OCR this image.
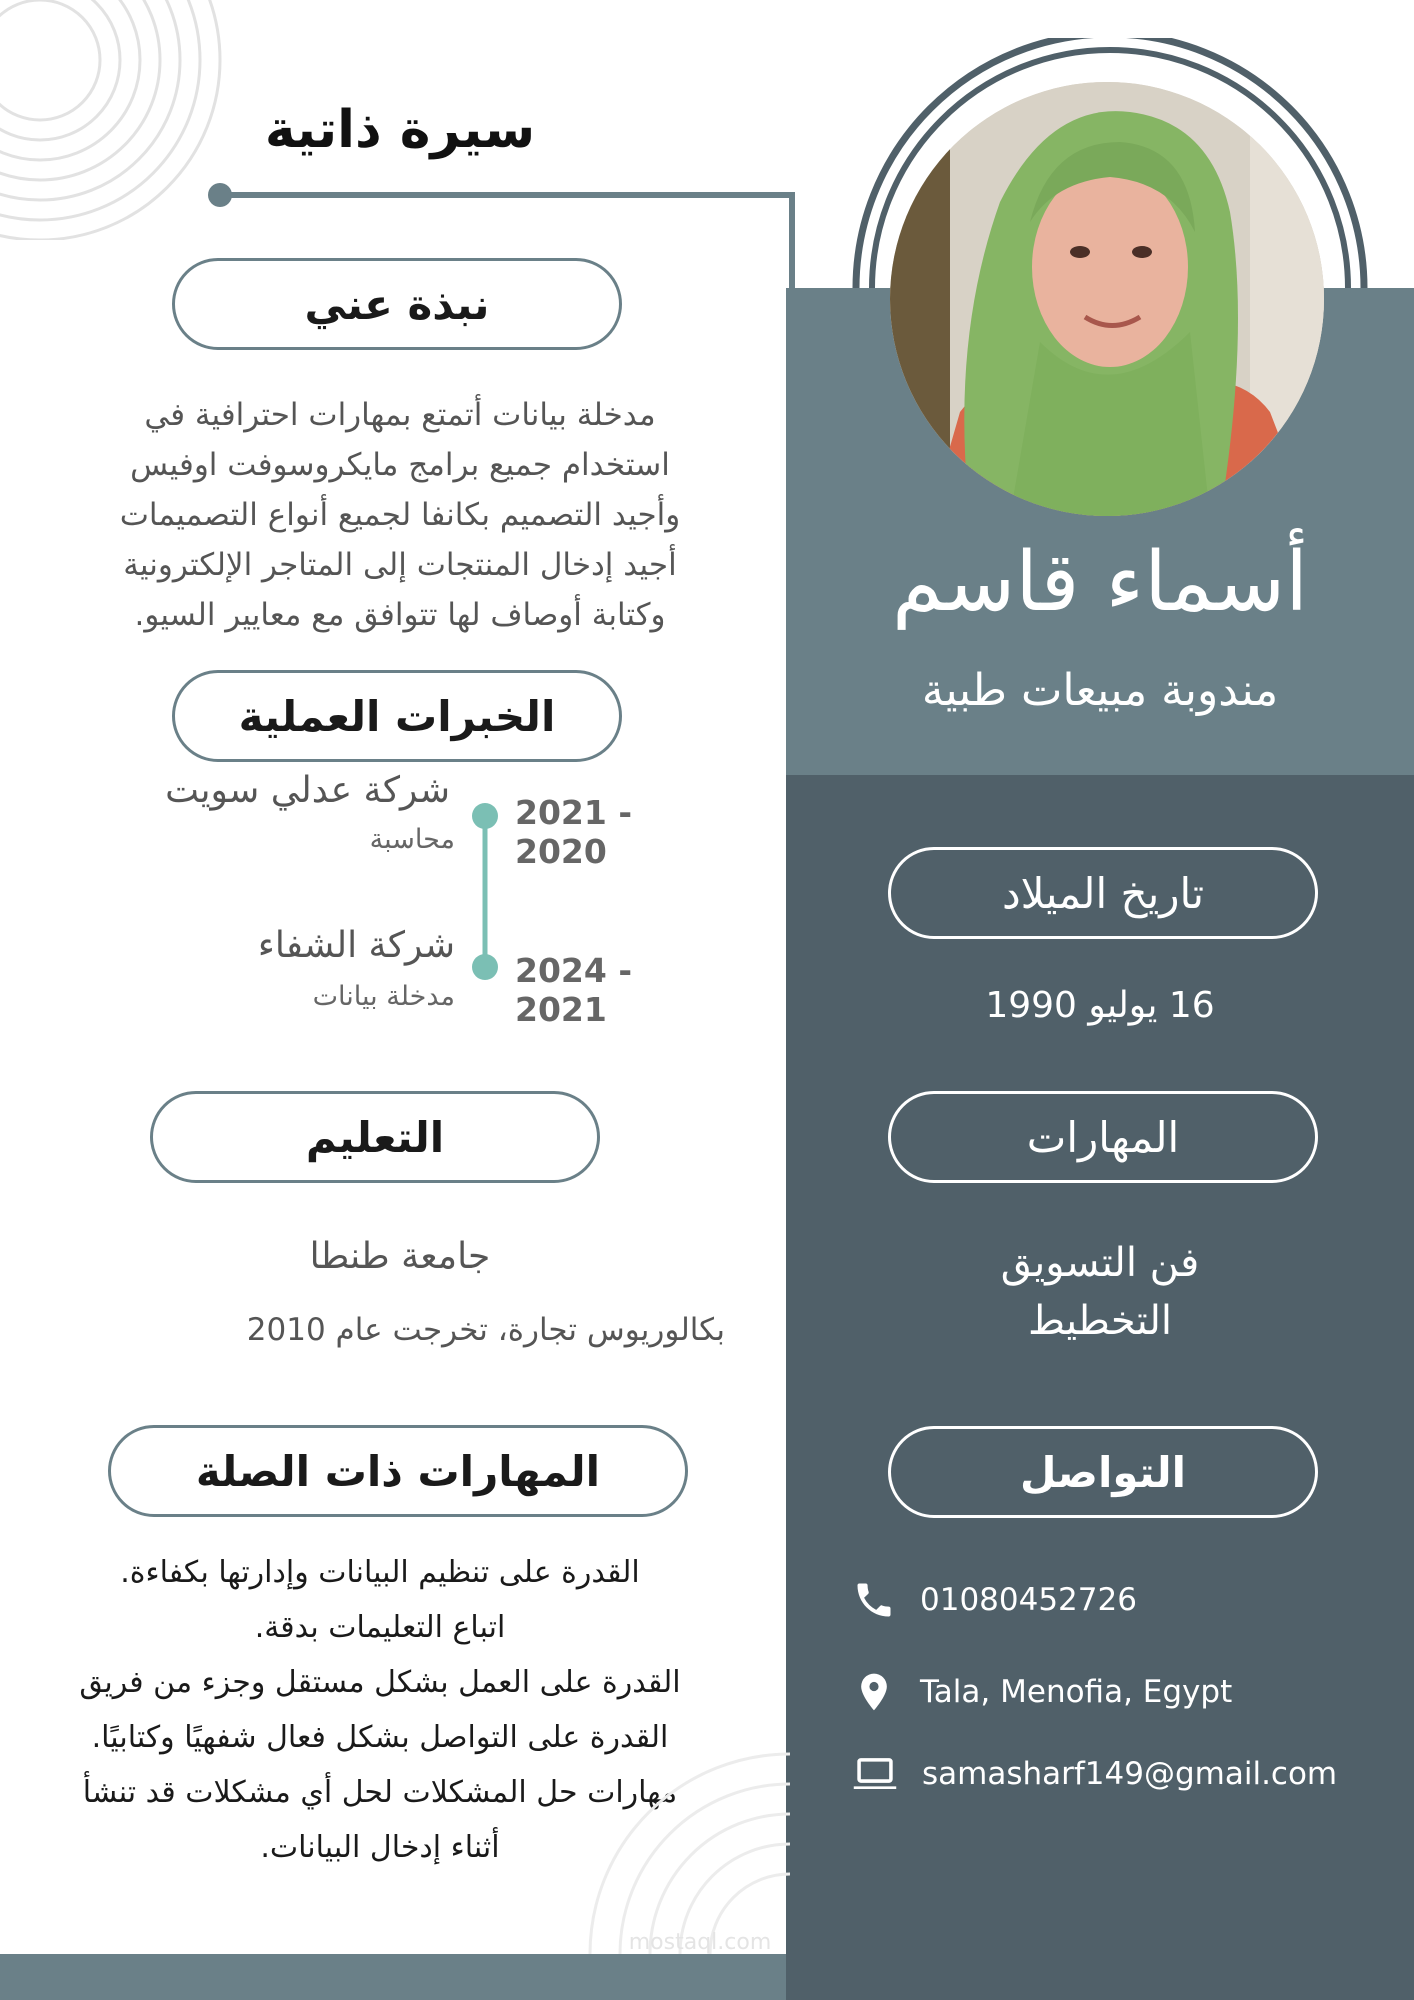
سيرة ذاتية
أسماء قاسم
مندوبة مبيعات طبية
نبذة عني
مدخلة بيانات أتمتع بمهارات احترافية في
استخدام جميع برامج مايكروسوفت اوفيس
وأجيد التصميم بكانفا لجميع أنواع التصميمات
أجيد إدخال المنتجات إلى المتاجر الإلكترونية
وكتابة أوصاف لها تتوافق مع معايير السيو.
الخبرات العملية
2021 - 2020
شركة عدلي سويت
محاسبة
2024 - 2021
شركة الشفاء
مدخلة بيانات
التعليم
جامعة طنطا
بكالوريوس تجارة، تخرجت عام 2010
المهارات ذات الصلة
القدرة على تنظيم البيانات وإدارتها بكفاءة.
اتباع التعليمات بدقة.
القدرة على العمل بشكل مستقل وجزء من فريق
القدرة على التواصل بشكل فعال شفهيًا وكتابيًا.
مهارات حل المشكلات لحل أي مشكلات قد تنشأ
أثناء إدخال البيانات.
mostaql.com
تاريخ الميلاد
16 يوليو 1990
المهارات
فن التسويق
التخطيط
التواصل
01080452726
Tala, Menofia, Egypt
samasharf149@gmail.com
